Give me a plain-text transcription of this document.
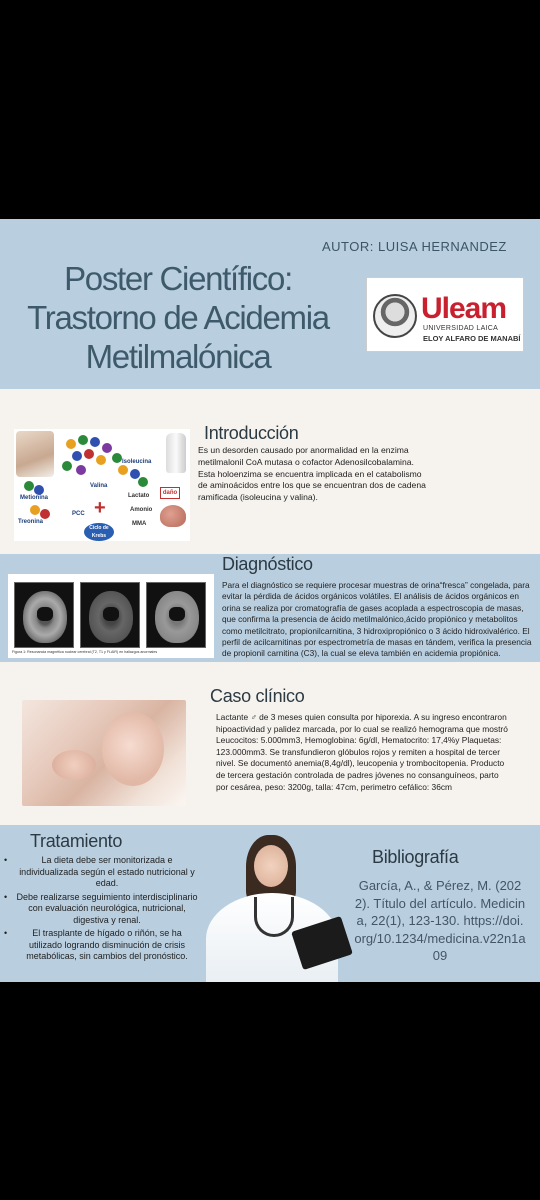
AUTOR: LUISA HERNANDEZ
Poster Científico:
Trastorno de Acidemia
Metilmalónica
Uleam
UNIVERSIDAD LAICA
ELOY ALFARO DE MANABÍ
Isoleucina
Metionina
Valina
Treonina
Lactato	daño
PCC
Amonio
MMA
+
Ciclo de Krebs
Introducción
Es un desorden causado por anormalidad en la enzima metilmalonil CoA mutasa o cofactor Adenosilcobalamina. Esta holoenzima se encuentra implicada en el catabolismo de aminoácidos entre los que se encuentran dos de cadena ramificada (isoleucina y valina).
Figura 1: Resonancia magnética nuclear cerebral (T2, T1 y FLAIR) en hallazgos anormales
Diagnóstico
Para el diagnóstico se requiere procesar muestras de orina“fresca” congelada, para evitar la pérdida de ácidos orgánicos volátiles. El análisis de ácidos orgánicos en orina se realiza por cromatografía de gases acoplada a espectroscopia de masas, que confirma la presencia de ácido metilmalónico,ácido propiónico y metabolitos como metilcitrato, propionilcarnitina, 3 hidroxipropiónico o 3 ácido hidroxivalérico. El perfil de acilcarnitinas por espectrometría de masas en tándem, verifica la presencia de propionil carnitina (C3), la cual se eleva también en acidemia propiónica.
Caso clínico
Lactante ♂ de 3 meses quien consulta por hiporexia. A su ingreso encontraron hipoactividad y palidez marcada, por lo cual se realizó hemograma que mostró Leucocitos: 5.000mm3, Hemoglobina: 6g/dl, Hematocrito: 17,4%y Plaquetas: 123.000mm3. Se transfundieron glóbulos rojos y remiten a hospital de tercer nivel. Se documentó anemia(8,4g/dl), leucopenia y trombocitopenia. Producto de tercera gestación controlada de padres jóvenes no consanguíneos, parto por cesárea, peso: 3200g, talla: 47cm, perimetro cefálico: 36cm
Tratamiento
• La dieta debe ser monitorizada e individualizada según el estado nutricional y edad.
• Debe realizarse seguimiento interdisciplinario con evaluación neurológica, nutricional, digestiva y renal.
• El trasplante de hígado o riñón, se ha utilizado logrando disminución de crisis metabólicas, sin cambios del pronóstico.
Bibliografía
García, A., & Pérez, M. (2022). Título del artículo. Medicina, 22(1), 123-130. https://doi.org/10.1234/medicina.v22n1a09
